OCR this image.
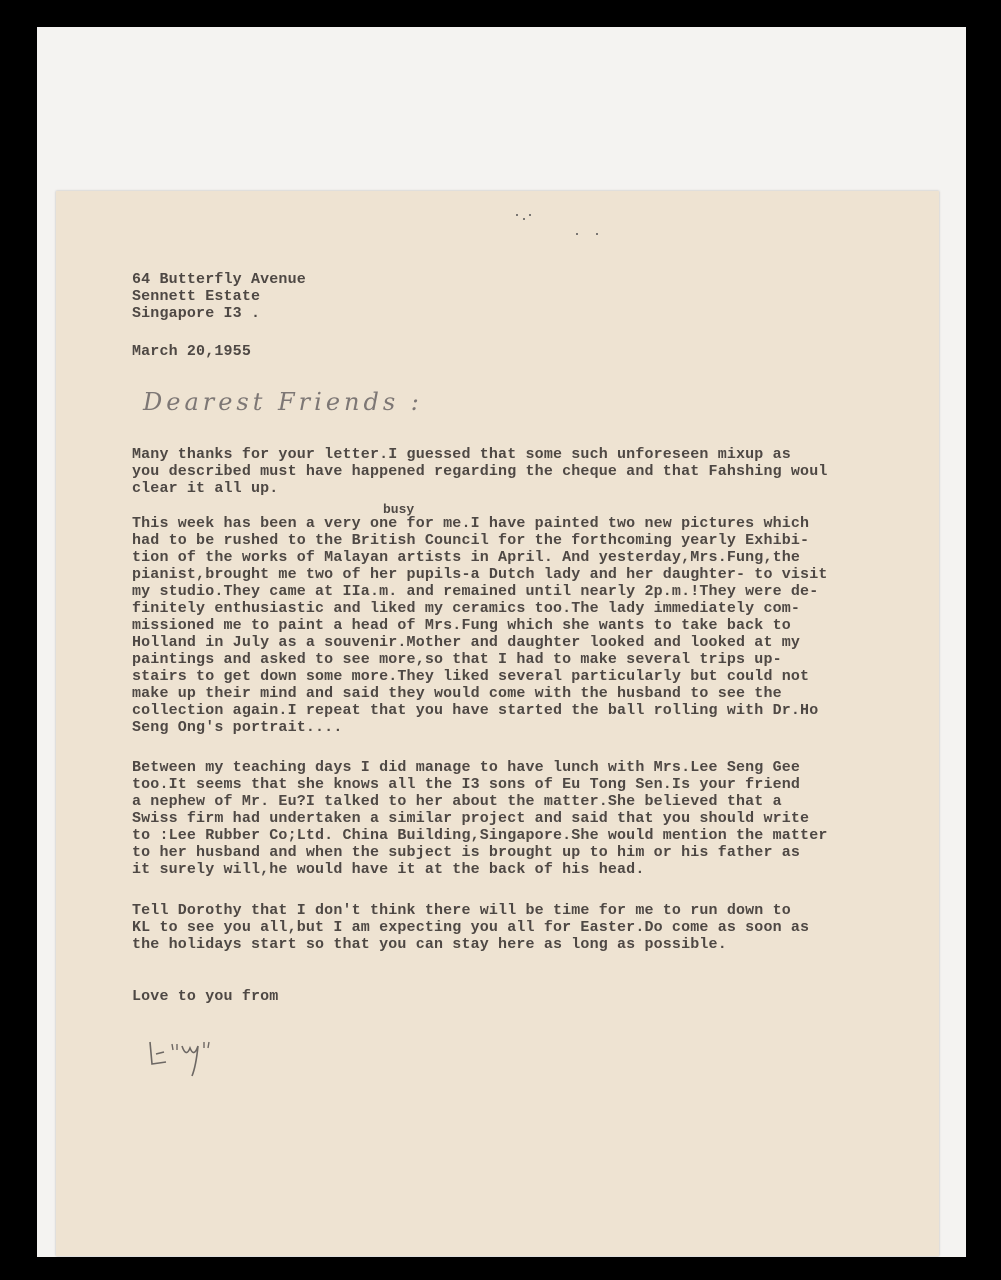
64 Butterfly Avenue
Sennett Estate
Singapore I3 .
March 20,1955
Dearest Friends :
Many thanks for your letter.I guessed that some such unforeseen mixup as
you described must have happened regarding the cheque and that Fahshing woul
clear it all up.
busy
This week has been a very one for me.I have painted two new pictures which
had to be rushed to the British Council for the forthcoming yearly Exhibi-
tion of the works of Malayan artists in April. And yesterday,Mrs.Fung,the
pianist,brought me two of her pupils-a Dutch lady and her daughter- to visit
my studio.They came at IIa.m. and remained until nearly 2p.m.!They were de-
finitely enthusiastic and liked my ceramics too.The lady immediately com-
missioned me to paint a head of Mrs.Fung which she wants to take back to
Holland in July as a souvenir.Mother and daughter looked and looked at my
paintings and asked to see more,so that I had to make several trips up-
stairs to get down some more.They liked several particularly but could not
make up their mind and said they would come with the husband to see the
collection again.I repeat that you have started the ball rolling with Dr.Ho
Seng Ong's portrait....
Between my teaching days I did manage to have lunch with Mrs.Lee Seng Gee
too.It seems that she knows all the I3 sons of Eu Tong Sen.Is your friend
a nephew of Mr. Eu?I talked to her about the matter.She believed that a
Swiss firm had undertaken a similar project and said that you should write
to :Lee Rubber Co;Ltd. China Building,Singapore.She would mention the matter
to her husband and when the subject is brought up to him or his father as
it surely will,he would have it at the back of his head.
Tell Dorothy that I don't think there will be time for me to run down to
KL to see you all,but I am expecting you all for Easter.Do come as soon as
the holidays start so that you can stay here as long as possible.
Love to you from
